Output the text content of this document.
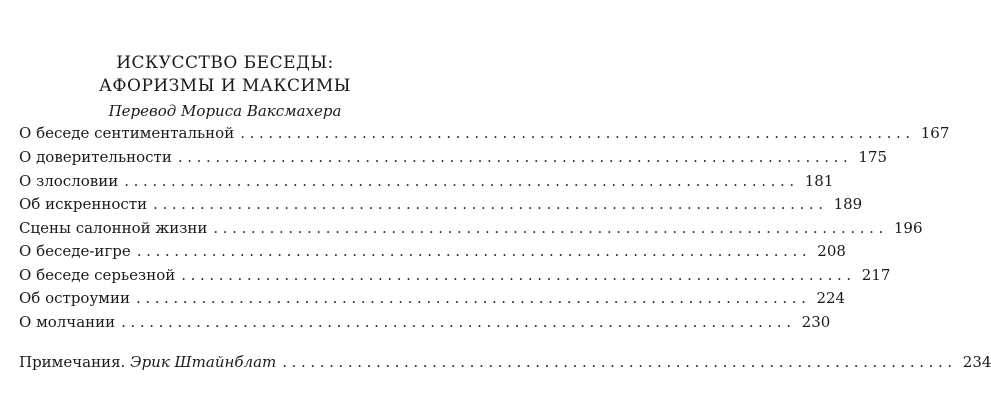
ИСКУССТВО БЕСЕДЫ:
АФОРИЗМЫ И МАКСИМЫ
Перевод Мориса Ваксмахера
О беседе сентиментальной ........................................................................ 167
О доверительности ........................................................................ 175
О злословии ........................................................................ 181
Об искренности ........................................................................ 189
Сцены салонной жизни ........................................................................ 196
О беседе-игре ........................................................................ 208
О беседе серьезной ........................................................................ 217
Об остроумии ........................................................................ 224
О молчании ........................................................................ 230
Примечания. Эрик Штайнблат ........................................................................ 234
